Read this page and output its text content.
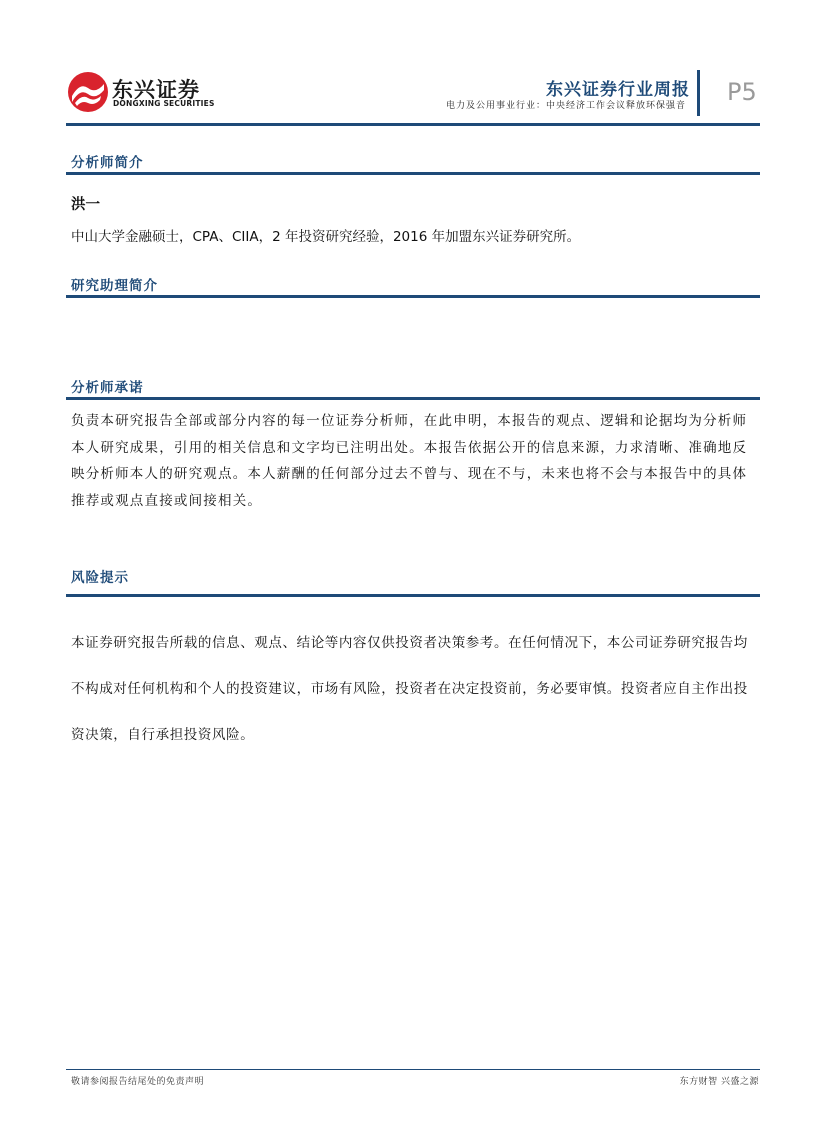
东兴证券
DONGXING SECURITIES
东兴证券行业周报
电力及公用事业行业：中央经济工作会议释放环保强音 P5
分析师简介
洪一
中山大学金融硕士，CPA、CIIA，2 年投资研究经验，2016 年加盟东兴证券研究所。
研究助理简介
分析师承诺
负责本研究报告全部或部分内容的每一位证券分析师，在此申明，本报告的观点、逻辑和论据均为分析师本人研究成果，引用的相关信息和文字均已注明出处。本报告依据公开的信息来源，力求清晰、准确地反映分析师本人的研究观点。本人薪酬的任何部分过去不曾与、现在不与，未来也将不会与本报告中的具体推荐或观点直接或间接相关。
风险提示
本证券研究报告所载的信息、观点、结论等内容仅供投资者决策参考。在任何情况下，本公司证券研究报告均不构成对任何机构和个人的投资建议，市场有风险，投资者在决定投资前，务必要审慎。投资者应自主作出投资决策，自行承担投资风险。
敬请参阅报告结尾处的免责声明	东方财智 兴盛之源
